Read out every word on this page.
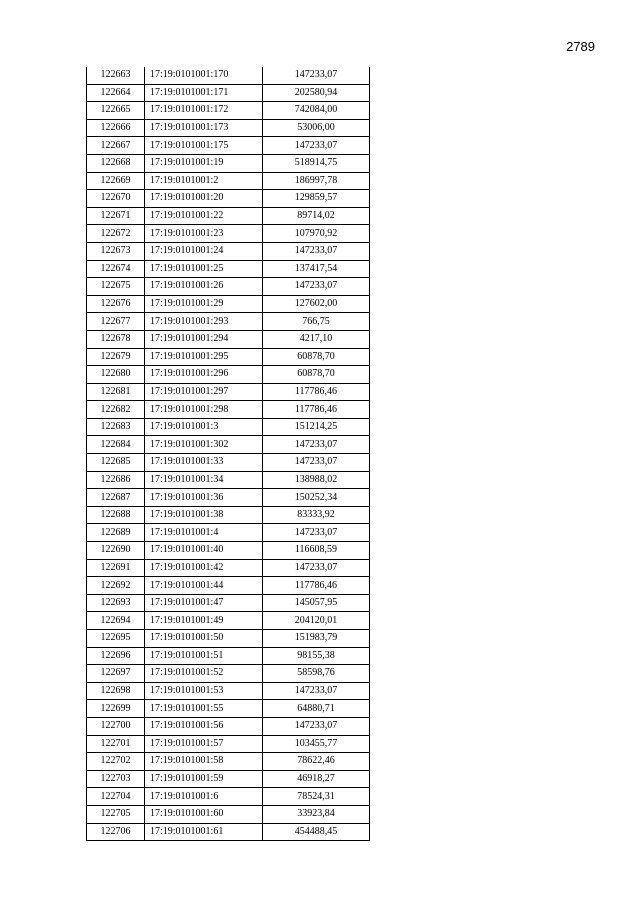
2789
122663	17:19:0101001:170	147233,07
122664	17:19:0101001:171	202580,94
122665	17:19:0101001:172	742084,00
122666	17:19:0101001:173	53006,00
122667	17:19:0101001:175	147233,07
122668	17:19:0101001:19	518914,75
122669	17:19:0101001:2	186997,78
122670	17:19:0101001:20	129859,57
122671	17:19:0101001:22	89714,02
122672	17:19:0101001:23	107970,92
122673	17:19:0101001:24	147233,07
122674	17:19:0101001:25	137417,54
122675	17:19:0101001:26	147233,07
122676	17:19:0101001:29	127602,00
122677	17:19:0101001:293	766,75
122678	17:19:0101001:294	4217,10
122679	17:19:0101001:295	60878,70
122680	17:19:0101001:296	60878,70
122681	17:19:0101001:297	117786,46
122682	17:19:0101001:298	117786,46
122683	17:19:0101001:3	151214,25
122684	17:19:0101001:302	147233,07
122685	17:19:0101001:33	147233,07
122686	17:19:0101001:34	138988,02
122687	17:19:0101001:36	150252,34
122688	17:19:0101001:38	83333,92
122689	17:19:0101001:4	147233,07
122690	17:19:0101001:40	116608,59
122691	17:19:0101001:42	147233,07
122692	17:19:0101001:44	117786,46
122693	17:19:0101001:47	145057,95
122694	17:19:0101001:49	204120,01
122695	17:19:0101001:50	151983,79
122696	17:19:0101001:51	98155,38
122697	17:19:0101001:52	58598,76
122698	17:19:0101001:53	147233,07
122699	17:19:0101001:55	64880,71
122700	17:19:0101001:56	147233,07
122701	17:19:0101001:57	103455,77
122702	17:19:0101001:58	78622,46
122703	17:19:0101001:59	46918,27
122704	17:19:0101001:6	78524,31
122705	17:19:0101001:60	33923,84
122706	17:19:0101001:61	454488,45
